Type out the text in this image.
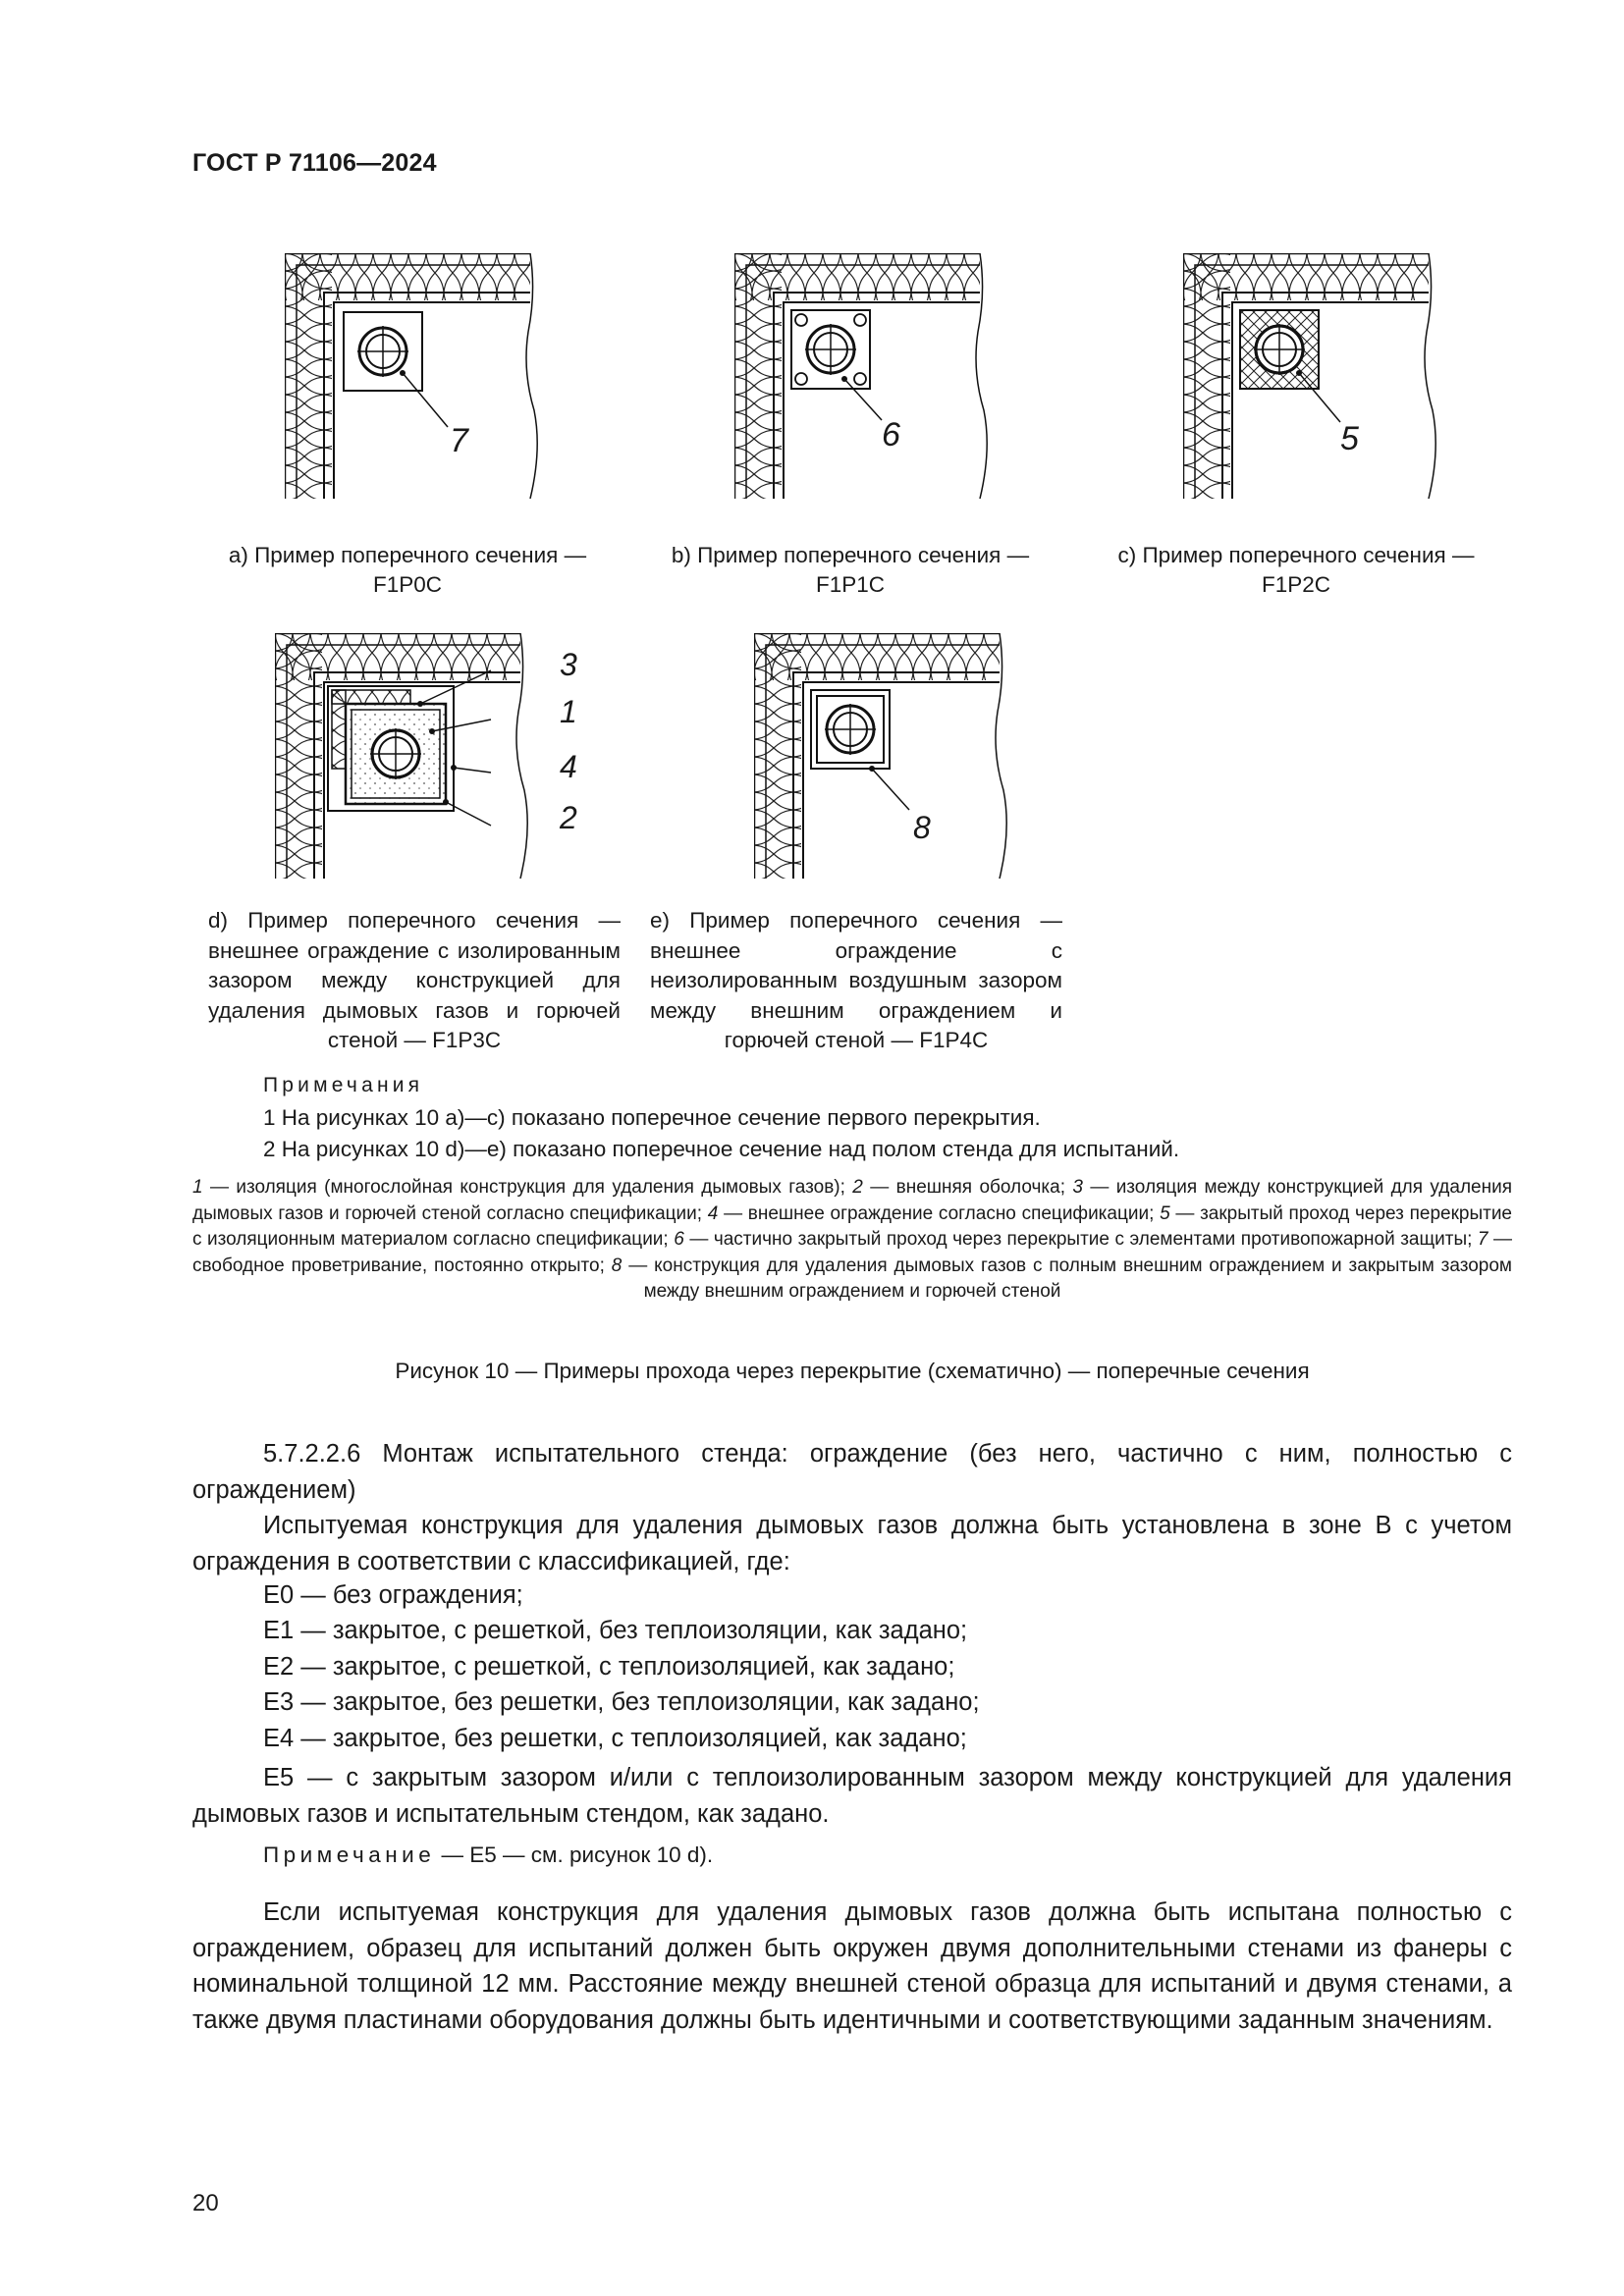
ГОСТ Р 71106—2024
7	6	5
a) Пример поперечного сечения — F1P0C
b) Пример поперечного сечения — F1P1C
c) Пример поперечного сечения — F1P2C
3
1
4
2	8
d) Пример поперечного сечения — внешнее ограждение с изолированным зазором между конструкцией для удаления дымовых газов и горючей стеной — F1P3C
e) Пример поперечного сечения — внешнее ограждение с неизолированным воздушным зазором между внешним ограждением и горючей стеной — F1P4C
Примечания
1 На рисунках 10 a)—c) показано поперечное сечение первого перекрытия.
2 На рисунках 10 d)—e) показано поперечное сечение над полом стенда для испытаний.
1 — изоляция (многослойная конструкция для удаления дымовых газов); 2 — внешняя оболочка; 3 — изоляция между конструкцией для удаления дымовых газов и горючей стеной согласно спецификации; 4 — внешнее ограждение согласно спецификации; 5 — закрытый проход через перекрытие с изоляционным материалом согласно спецификации; 6 — частично закрытый проход через перекрытие с элементами противопожарной защиты; 7 — свободное проветривание, постоянно открыто; 8 — конструкция для удаления дымовых газов с полным внешним ограждением и закрытым зазором между внешним ограждением и горючей стеной
Рисунок 10 — Примеры прохода через перекрытие (схематично) — поперечные сечения
5.7.2.2.6 Монтаж испытательного стенда: ограждение (без него, частично с ним, полностью с ограждением)
Испытуемая конструкция для удаления дымовых газов должна быть установлена в зоне B с учетом ограждения в соответствии с классификацией, где:
E0 — без ограждения;
E1 — закрытое, с решеткой, без теплоизоляции, как задано;
E2 — закрытое, с решеткой, с теплоизоляцией, как задано;
E3 — закрытое, без решетки, без теплоизоляции, как задано;
E4 — закрытое, без решетки, с теплоизоляцией, как задано;
E5 — с закрытым зазором и/или с теплоизолированным зазором между конструкцией для удаления дымовых газов и испытательным стендом, как задано.
Примечание — E5 — см. рисунок 10 d).
Если испытуемая конструкция для удаления дымовых газов должна быть испытана полностью с ограждением, образец для испытаний должен быть окружен двумя дополнительными стенами из фанеры с номинальной толщиной 12 мм. Расстояние между внешней стеной образца для испытаний и двумя стенами, а также двумя пластинами оборудования должны быть идентичными и соответствующими заданным значениям.
20
